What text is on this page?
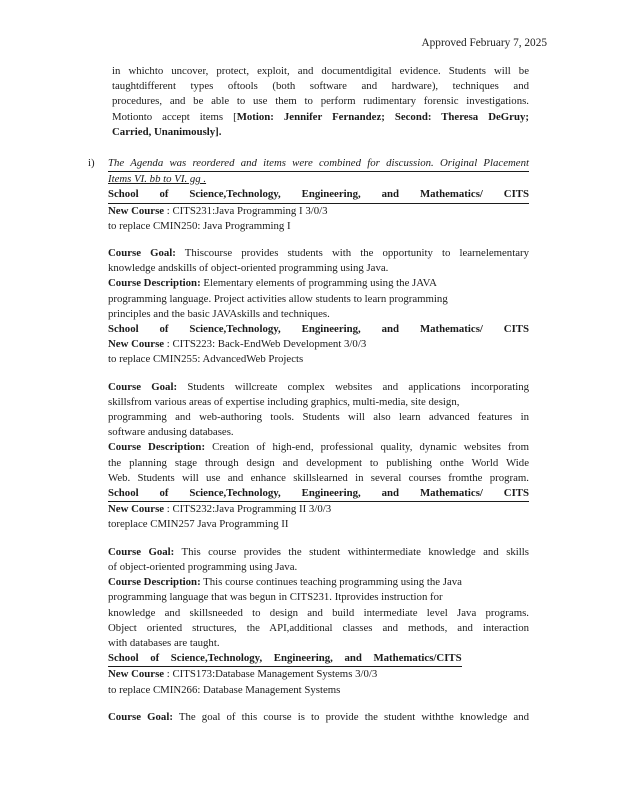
Approved February 7, 2025
in whichto uncover, protect, exploit, and documentdigital evidence. Students will be
taughtdifferent types oftools (both software and hardware), techniques and
procedures, and be able to use them to perform rudimentary forensic investigations.
Motionto accept items [Motion: Jennifer Fernandez; Second: Theresa DeGruy;
Carried, Unanimously].
i) The Agenda was reordered and items were combined for discussion. Original Placement
Items VI. bb to VI. gg .
School of Science,Technology, Engineering, and Mathematics/ CITS
New Course : CITS231:Java Programming I 3/0/3
to replace CMIN250: Java Programming I
Course Goal: Thiscourse provides students with the opportunity to learnelementary
knowledge andskills of object-oriented programming using Java.
Course Description: Elementary elements of programming using the JAVA
programming language. Project activities allow students to learn programming
principles and the basic JAVAskills and techniques.
School of Science,Technology, Engineering, and Mathematics/ CITS
New Course : CITS223: Back-EndWeb Development 3/0/3
to replace CMIN255: AdvancedWeb Projects
Course Goal: Students willcreate complex websites and applications incorporating
skillsfrom various areas of expertise including graphics, multi-media, site design,
programming and web-authoring tools. Students will also learn advanced features in
software andusing databases.
Course Description: Creation of high-end, professional quality, dynamic websites from
the planning stage through design and development to publishing onthe World Wide
Web. Students will use and enhance skillslearned in several courses fromthe program.
School of Science,Technology, Engineering, and Mathematics/ CITS
New Course : CITS232:Java Programming II 3/0/3
toreplace CMIN257 Java Programming II
Course Goal: This course provides the student withintermediate knowledge and skills
of object-oriented programming using Java.
Course Description: This course continues teaching programming using the Java
programming language that was begun in CITS231. Itprovides instruction for
knowledge and skillsneeded to design and build intermediate level Java programs.
Object oriented structures, the API,additional classes and methods, and interaction
with databases are taught.
School of Science,Technology, Engineering, and Mathematics/CITS
New Course : CITS173:Database Management Systems 3/0/3
to replace CMIN266: Database Management Systems
Course Goal: The goal of this course is to provide the student withthe knowledge and
